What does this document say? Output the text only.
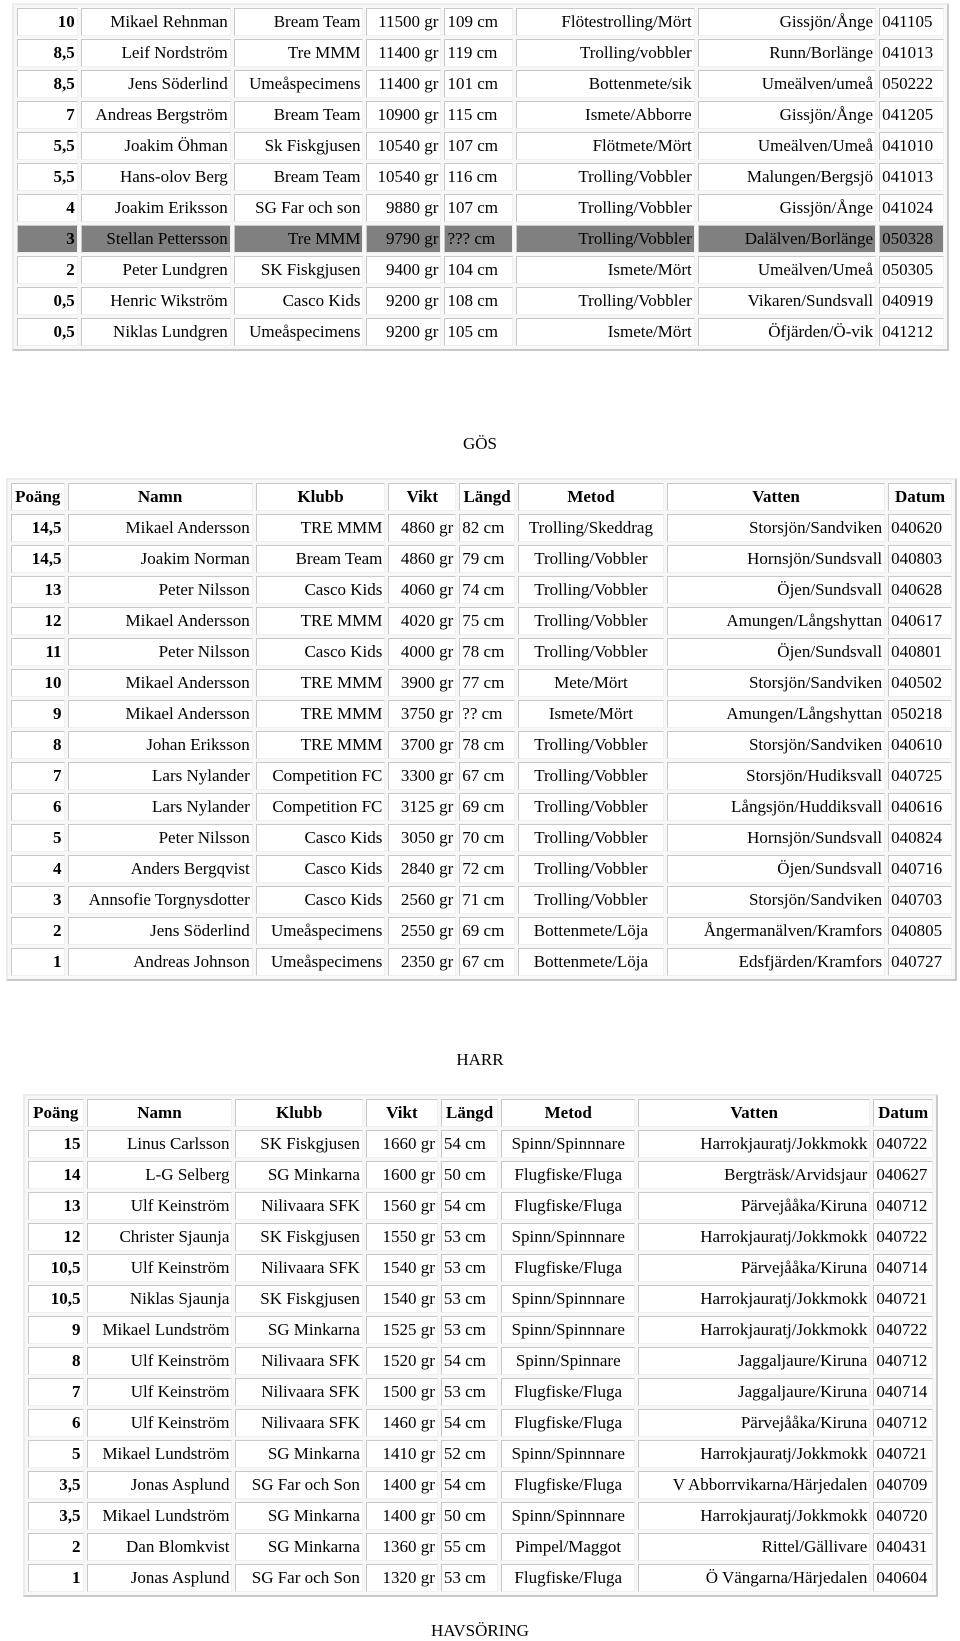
10	Mikael Rehnman	Bream Team	11500 gr	109 cm	Flötestrolling/Mört	Gissjön/Ånge	041105
8,5	Leif Nordström	Tre MMM	11400 gr	119 cm	Trolling/vobbler	Runn/Borlänge	041013
8,5	Jens Söderlind	Umeåspecimens	11400 gr	101 cm	Bottenmete/sik	Umeälven/umeå	050222
7	Andreas Bergström	Bream Team	10900 gr	115 cm	Ismete/Abborre	Gissjön/Ånge	041205
5,5	Joakim Öhman	Sk Fiskgjusen	10540 gr	107 cm	Flötmete/Mört	Umeälven/Umeå	041010
5,5	Hans-olov Berg	Bream Team	10540 gr	116 cm	Trolling/Vobbler	Malungen/Bergsjö	041013
4	Joakim Eriksson	SG Far och son	9880 gr	107 cm	Trolling/Vobbler	Gissjön/Ånge	041024
3	Stellan Pettersson	Tre MMM	9790 gr	??? cm	Trolling/Vobbler	Dalälven/Borlänge	050328
2	Peter Lundgren	SK Fiskgjusen	9400 gr	104 cm	Ismete/Mört	Umeälven/Umeå	050305
0,5	Henric Wikström	Casco Kids	9200 gr	108 cm	Trolling/Vobbler	Vikaren/Sundsvall	040919
0,5	Niklas Lundgren	Umeåspecimens	9200 gr	105 cm	Ismete/Mört	Öfjärden/Ö-vik	041212
GÖS
Poäng	Namn	Klubb	Vikt	Längd	Metod	Vatten	Datum
14,5	Mikael Andersson	TRE MMM	4860 gr	82 cm	Trolling/Skeddrag	Storsjön/Sandviken	040620
14,5	Joakim Norman	Bream Team	4860 gr	79 cm	Trolling/Vobbler	Hornsjön/Sundsvall	040803
13	Peter Nilsson	Casco Kids	4060 gr	74 cm	Trolling/Vobbler	Öjen/Sundsvall	040628
12	Mikael Andersson	TRE MMM	4020 gr	75 cm	Trolling/Vobbler	Amungen/Långshyttan	040617
11	Peter Nilsson	Casco Kids	4000 gr	78 cm	Trolling/Vobbler	Öjen/Sundsvall	040801
10	Mikael Andersson	TRE MMM	3900 gr	77 cm	Mete/Mört	Storsjön/Sandviken	040502
9	Mikael Andersson	TRE MMM	3750 gr	?? cm	Ismete/Mört	Amungen/Långshyttan	050218
8	Johan Eriksson	TRE MMM	3700 gr	78 cm	Trolling/Vobbler	Storsjön/Sandviken	040610
7	Lars Nylander	Competition FC	3300 gr	67 cm	Trolling/Vobbler	Storsjön/Hudiksvall	040725
6	Lars Nylander	Competition FC	3125 gr	69 cm	Trolling/Vobbler	Långsjön/Huddiksvall	040616
5	Peter Nilsson	Casco Kids	3050 gr	70 cm	Trolling/Vobbler	Hornsjön/Sundsvall	040824
4	Anders Bergqvist	Casco Kids	2840 gr	72 cm	Trolling/Vobbler	Öjen/Sundsvall	040716
3	Annsofie Torgnysdotter	Casco Kids	2560 gr	71 cm	Trolling/Vobbler	Storsjön/Sandviken	040703
2	Jens Söderlind	Umeåspecimens	2550 gr	69 cm	Bottenmete/Löja	Ångermanälven/Kramfors	040805
1	Andreas Johnson	Umeåspecimens	2350 gr	67 cm	Bottenmete/Löja	Edsfjärden/Kramfors	040727
HARR
Poäng	Namn	Klubb	Vikt	Längd	Metod	Vatten	Datum
15	Linus Carlsson	SK Fiskgjusen	1660 gr	54 cm	Spinn/Spinnnare	Harrokjauratj/Jokkmokk	040722
14	L-G Selberg	SG Minkarna	1600 gr	50 cm	Flugfiske/Fluga	Bergträsk/Arvidsjaur	040627
13	Ulf Keinström	Nilivaara SFK	1560 gr	54 cm	Flugfiske/Fluga	Pärvejååka/Kiruna	040712
12	Christer Sjaunja	SK Fiskgjusen	1550 gr	53 cm	Spinn/Spinnnare	Harrokjauratj/Jokkmokk	040722
10,5	Ulf Keinström	Nilivaara SFK	1540 gr	53 cm	Flugfiske/Fluga	Pärvejååka/Kiruna	040714
10,5	Niklas Sjaunja	SK Fiskgjusen	1540 gr	53 cm	Spinn/Spinnnare	Harrokjauratj/Jokkmokk	040721
9	Mikael Lundström	SG Minkarna	1525 gr	53 cm	Spinn/Spinnnare	Harrokjauratj/Jokkmokk	040722
8	Ulf Keinström	Nilivaara SFK	1520 gr	54 cm	Spinn/Spinnare	Jaggaljaure/Kiruna	040712
7	Ulf Keinström	Nilivaara SFK	1500 gr	53 cm	Flugfiske/Fluga	Jaggaljaure/Kiruna	040714
6	Ulf Keinström	Nilivaara SFK	1460 gr	54 cm	Flugfiske/Fluga	Pärvejååka/Kiruna	040712
5	Mikael Lundström	SG Minkarna	1410 gr	52 cm	Spinn/Spinnnare	Harrokjauratj/Jokkmokk	040721
3,5	Jonas Asplund	SG Far och Son	1400 gr	54 cm	Flugfiske/Fluga	V Abborrvikarna/Härjedalen	040709
3,5	Mikael Lundström	SG Minkarna	1400 gr	50 cm	Spinn/Spinnnare	Harrokjauratj/Jokkmokk	040720
2	Dan Blomkvist	SG Minkarna	1360 gr	55 cm	Pimpel/Maggot	Rittel/Gällivare	040431
1	Jonas Asplund	SG Far och Son	1320 gr	53 cm	Flugfiske/Fluga	Ö Vängarna/Härjedalen	040604
HAVSÖRING
